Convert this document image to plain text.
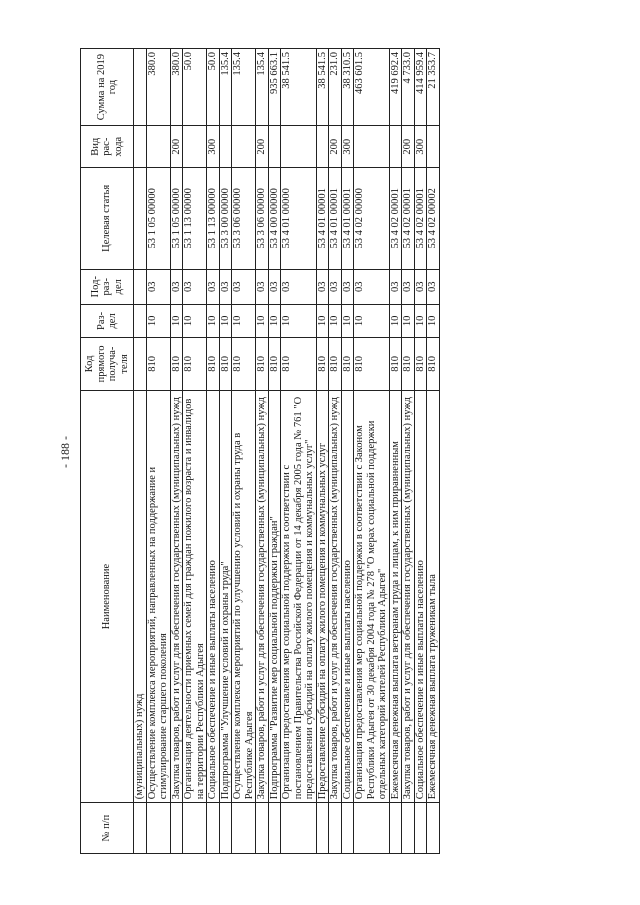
- 188 -
№ п/п	Наименование	Код прямого получа-теля	Раз-дел	Под-раз-дел	Целевая статья	Вид рас-хода	Сумма на 2019 год
	(муниципальных) нужд						
	Осуществление комплекса мероприятий, направленных на поддержание и стимулирование старшего поколения	810	10	03	53 1 05 00000		380.0
	Закупка товаров, работ и услуг для обеспечения государственных (муниципальных) нужд	810	10	03	53 1 05 00000	200	380.0
	Организация деятельности приемных семей для граждан пожилого возраста и инвалидов на территории Республики Адыгея	810	10	03	53 1 13 00000		50.0
	Социальное обеспечение и иные выплаты населению	810	10	03	53 1 13 00000	300	50.0
	Подпрограмма "Улучшение условий и охраны труда"	810	10	03	53 3 00 00000		135.4
	Осуществление комплекса мероприятий по улучшению условий и охраны труда в Республике Адыгея	810	10	03	53 3 06 00000		135.4
	Закупка товаров, работ и услуг для обеспечения государственных (муниципальных) нужд	810	10	03	53 3 06 00000	200	135.4
	Подпрограмма "Развитие мер социальной поддержки граждан"	810	10	03	53 4 00 00000		935 663.1
	Организация предоставления мер социальной поддержки в соответствии с постановлением Правительства Российской Федерации от 14 декабря 2005 года № 761 "О предоставлении субсидий на оплату жилого помещения и коммунальных услуг"	810	10	03	53 4 01 00000		38 541.5
	Предоставление субсидий на оплату жилого помещения и коммунальных услуг	810	10	03	53 4 01 00001		38 541.5
	Закупка товаров, работ и услуг для обеспечения государственных (муниципальных) нужд	810	10	03	53 4 01 00001	200	231.0
	Социальное обеспечение и иные выплаты населению	810	10	03	53 4 01 00001	300	38 310.5
	Организация предоставления мер социальной поддержки в соответствии с Законом Республики Адыгея от 30 декабря 2004 года № 278 "О мерах социальной поддержки отдельных категорий жителей Республики Адыгея"	810	10	03	53 4 02 00000		463 601.5
	Ежемесячная денежная выплата ветеранам труда и лицам, к ним приравненным	810	10	03	53 4 02 00001		419 692.4
	Закупка товаров, работ и услуг для обеспечения государственных (муниципальных) нужд	810	10	03	53 4 02 00001	200	4 733.0
	Социальное обеспечение и иные выплаты населению	810	10	03	53 4 02 00001	300	414 959.4
	Ежемесячная денежная выплата труженикам тыла	810	10	03	53 4 02 00002		21 353.7
